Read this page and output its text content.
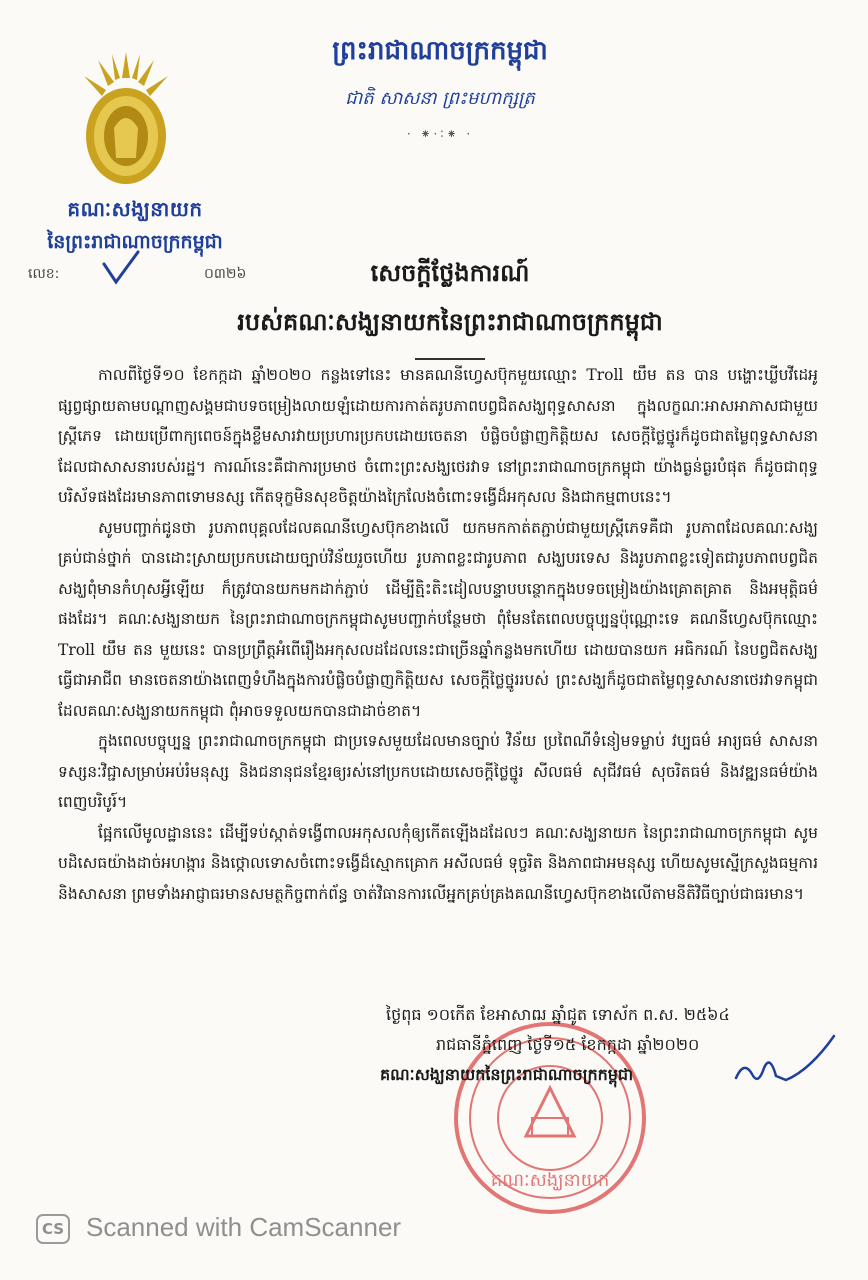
គណៈសង្ឃនាយក
នៃព្រះរាជាណាចក្រកម្ពុជា
លេខ:	០៣២៦
ព្រះរាជាណាចក្រកម្ពុជា
ជាតិ សាសនា ព្រះមហាក្សត្រ
· ⁕·∶⁕ ·
សេចក្ដីថ្លែងការណ៍
របស់គណៈសង្ឃនាយកនៃព្រះរាជាណាចក្រកម្ពុជា

កាលពីថ្ងៃទី១០ ខែកក្កដា ឆ្នាំ២០២០ កន្លងទៅនេះ មានគណនីហ្វេសប៊ុកមួយឈ្មោះ Troll យឹម តន បាន បង្ហោះឃ្លីបវីដេអូផ្សព្វផ្សាយតាមបណ្ដាញសង្គមជាបទចម្រៀងលាយឡំដោយការកាត់តរូបភាពបព្វជិតសង្ឃពុទ្ធសាសនា ក្នុងលក្ខណៈអាសអាភាសជាមួយស្ត្រីភេទ ដោយប្រើពាក្យពេចន៍ក្នុងខ្លឹមសារវាយប្រហារប្រកបដោយចេតនា បំផ្លិចបំផ្លាញកិត្តិយស សេចក្ដីថ្លៃថ្នូរក៏ដូចជាតម្លៃពុទ្ធសាសនាដែលជាសាសនារបស់រដ្ឋ។ ការណ៍នេះគឺជាការប្រមាថ ចំពោះព្រះសង្ឃថេរវាទ នៅព្រះរាជាណាចក្រកម្ពុជា យ៉ាងធ្ងន់ធ្ងរបំផុត ក៏ដូចជាពុទ្ធបរិស័ទផងដែរមានភាពទោមនស្ស កើតទុក្ខមិនសុខចិត្តយ៉ាងក្រៃលែងចំពោះទង្វើដ៏អកុសល និងជាកម្មពាបនេះ។

សូមបញ្ជាក់ជូនថា រូបភាពបុគ្គលដែលគណនីហ្វេសប៊ុកខាងលើ យកមកកាត់តភ្ជាប់ជាមួយស្ត្រីភេទគឺជា រូបភាពដែលគណៈសង្ឃគ្រប់ជាន់ថ្នាក់ បានដោះស្រាយប្រកបដោយច្បាប់វិន័យរួចហើយ រូបភាពខ្លះជារូបភាព សង្ឃបរទេស និងរូបភាពខ្លះទៀតជារូបភាពបព្វជិតសង្ឃពុំមានកំហុសអ្វីឡើយ ក៏ត្រូវបានយកមកដាក់ភ្ជាប់ ដើម្បីត្មិះតិះដៀលបន្ទាបបន្ថោកក្នុងបទចម្រៀងយ៉ាងគ្រោតគ្រាត និងអមុត្តិធម៌ផងដែរ។ គណៈសង្ឃនាយក នៃព្រះរាជាណាចក្រកម្ពុជាសូមបញ្ជាក់បន្ថែមថា ពុំមែនតែពេលបច្ចុប្បន្នប៉ុណ្ណោះទេ គណនីហ្វេសប៊ុកឈ្មោះ Troll យឹម តន មួយនេះ បានប្រព្រឹត្តអំពើរឿងអកុសលដដែលនេះជាច្រើនឆ្នាំកន្លងមកហើយ ដោយបានយក អធិករណ៍ នៃបព្វជិតសង្ឃធ្វើជាអាជីព មានចេតនាយ៉ាងពេញទំហឹងក្នុងការបំផ្លិចបំផ្លាញកិត្តិយស សេចក្ដីថ្លៃថ្នូររបស់ ព្រះសង្ឃក៏ដូចជាតម្លៃពុទ្ធសាសនាថេរវាទកម្ពុជាដែលគណៈសង្ឃនាយកកម្ពុជា ពុំអាចទទួលយកបានជាដាច់ខាត។

ក្នុងពេលបច្ចុប្បន្ន ព្រះរាជាណាចក្រកម្ពុជា ជាប្រទេសមួយដែលមានច្បាប់ វិន័យ ប្រពៃណីទំនៀមទម្លាប់ វប្បធម៌ អារ្យធម៌ សាសនា ទស្សនៈវិជ្ជាសម្រាប់អប់រំមនុស្ស និងជនានុជនខ្មែរឲ្យរស់នៅប្រកបដោយសេចក្ដីថ្លៃថ្នូរ សីលធម៌ សុជីវធម៌ សុចរិតធម៌ និងវឌ្ឍនធម៌យ៉ាងពេញបរិបូរ៍។

ផ្អែកលើមូលដ្ឋាននេះ ដើម្បីទប់ស្កាត់ទង្វើពាលអកុសលកុំឲ្យកើតឡើងដដែលៗ គណៈសង្ឃនាយក នៃព្រះរាជាណាចក្រកម្ពុជា សូមបដិសេធយ៉ាងដាច់អហង្ការ និងថ្កោលទោសចំពោះទង្វើដ៏ស្មោកគ្រោក អសីលធម៌ ទុច្ចរិត និងភាពជាអមនុស្ស ហើយសូមស្នើក្រសួងធម្មការ និងសាសនា ព្រមទាំងអាជ្ញាធរមានសមត្ថកិច្ចពាក់ព័ន្ធ ចាត់វិធានការលើអ្នកគ្រប់គ្រងគណនីហ្វេសប៊ុកខាងលើតាមនីតិវិធីច្បាប់ជាធរមាន។

គណៈសង្ឃនាយក
ថ្ងៃពុធ ១០កើត ខែអាសាឍ ឆ្នាំជូត ទោស័ក ព.ស. ២៥៦៤
រាជធានីភ្នំពេញ ថ្ងៃទី១៥ ខែកក្កដា ឆ្នាំ២០២០
គណៈសង្ឃនាយកនៃព្រះរាជាណាចក្រកម្ពុជា
CS Scanned with CamScanner
